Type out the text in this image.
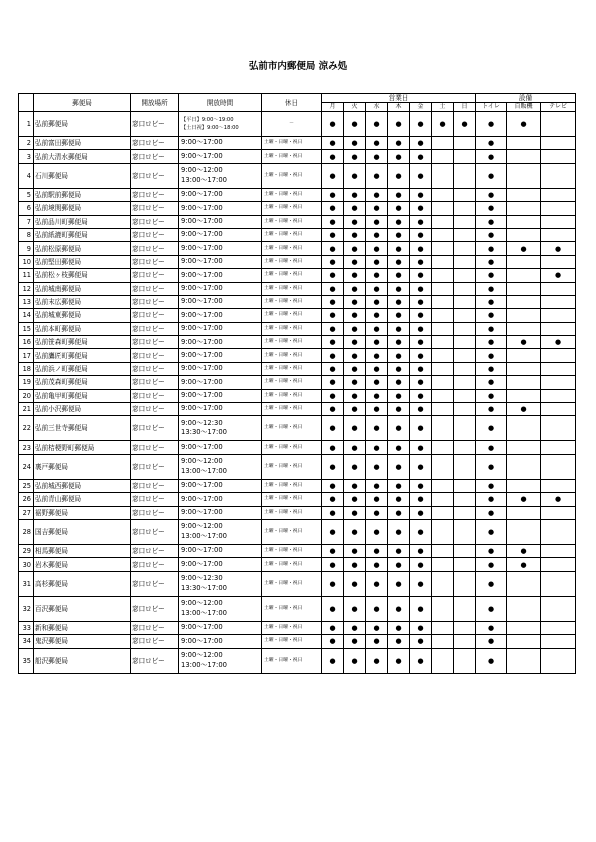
弘前市内郵便局 涼み処
	郵便局	開放場所	開放時間	休日	営業日							設備		
					月	火	水	木	金	土	日	トイレ	自販機	テレビ
1	弘前郵便局	窓口ロビー	【平日】9:00～19:00
【土日祝】9:00～18:00	－	●	●	●	●	●	●	●	●	●	
2	弘前富田郵便局	窓口ロビー	9:00～17:00	土曜・日曜・祝日	●	●	●	●	●			●		
3	弘前大清水郵便局	窓口ロビー	9:00～17:00	土曜・日曜・祝日	●	●	●	●	●			●		
4	石川郵便局	窓口ロビー	9:00～12:00
13:00～17:00	土曜・日曜・祝日	●	●	●	●	●			●		
5	弘前駅前郵便局	窓口ロビー	9:00～17:00	土曜・日曜・祝日	●	●	●	●	●			●		
6	弘前境関郵便局	窓口ロビー	9:00～17:00	土曜・日曜・祝日	●	●	●	●	●			●		
7	弘前品川町郵便局	窓口ロビー	9:00～17:00	土曜・日曜・祝日	●	●	●	●	●			●		
8	弘前紙漉町郵便局	窓口ロビー	9:00～17:00	土曜・日曜・祝日	●	●	●	●	●			●		
9	弘前松原郵便局	窓口ロビー	9:00～17:00	土曜・日曜・祝日	●	●	●	●	●			●	●	●
10	弘前堅田郵便局	窓口ロビー	9:00～17:00	土曜・日曜・祝日	●	●	●	●	●			●		
11	弘前松ヶ枝郵便局	窓口ロビー	9:00～17:00	土曜・日曜・祝日	●	●	●	●	●			●		●
12	弘前城南郵便局	窓口ロビー	9:00～17:00	土曜・日曜・祝日	●	●	●	●	●			●		
13	弘前末広郵便局	窓口ロビー	9:00～17:00	土曜・日曜・祝日	●	●	●	●	●			●		
14	弘前城東郵便局	窓口ロビー	9:00～17:00	土曜・日曜・祝日	●	●	●	●	●			●		
15	弘前本町郵便局	窓口ロビー	9:00～17:00	土曜・日曜・祝日	●	●	●	●	●			●		
16	弘前笹森町郵便局	窓口ロビー	9:00～17:00	土曜・日曜・祝日	●	●	●	●	●			●	●	●
17	弘前鷹匠町郵便局	窓口ロビー	9:00～17:00	土曜・日曜・祝日	●	●	●	●	●			●		
18	弘前浜ノ町郵便局	窓口ロビー	9:00～17:00	土曜・日曜・祝日	●	●	●	●	●			●		
19	弘前茂森町郵便局	窓口ロビー	9:00～17:00	土曜・日曜・祝日	●	●	●	●	●			●		
20	弘前亀甲町郵便局	窓口ロビー	9:00～17:00	土曜・日曜・祝日	●	●	●	●	●			●		
21	弘前小沢郵便局	窓口ロビー	9:00～17:00	土曜・日曜・祝日	●	●	●	●	●			●	●	
22	弘前三世寺郵便局	窓口ロビー	9:00～12:30
13:30～17:00	土曜・日曜・祝日	●	●	●	●	●			●		
23	弘前桔梗野町郵便局	窓口ロビー	9:00～17:00	土曜・日曜・祝日	●	●	●	●	●			●		
24	裏戸郵便局	窓口ロビー	9:00～12:00
13:00～17:00	土曜・日曜・祝日	●	●	●	●	●			●		
25	弘前城西郵便局	窓口ロビー	9:00～17:00	土曜・日曜・祝日	●	●	●	●	●			●		
26	弘前青山郵便局	窓口ロビー	9:00～17:00	土曜・日曜・祝日	●	●	●	●	●			●	●	●
27	裾野郵便局	窓口ロビー	9:00～17:00	土曜・日曜・祝日	●	●	●	●	●			●		
28	国吉郵便局	窓口ロビー	9:00～12:00
13:00～17:00	土曜・日曜・祝日	●	●	●	●	●			●		
29	相馬郵便局	窓口ロビー	9:00～17:00	土曜・日曜・祝日	●	●	●	●	●			●	●	
30	岩木郵便局	窓口ロビー	9:00～17:00	土曜・日曜・祝日	●	●	●	●	●			●	●	
31	高杉郵便局	窓口ロビー	9:00～12:30
13:30～17:00	土曜・日曜・祝日	●	●	●	●	●			●		
32	百沢郵便局	窓口ロビー	9:00～12:00
13:00～17:00	土曜・日曜・祝日	●	●	●	●	●			●		
33	新和郵便局	窓口ロビー	9:00～17:00	土曜・日曜・祝日	●	●	●	●	●			●		
34	鬼沢郵便局	窓口ロビー	9:00～17:00	土曜・日曜・祝日	●	●	●	●	●			●		
35	船沢郵便局	窓口ロビー	9:00～12:00
13:00～17:00	土曜・日曜・祝日	●	●	●	●	●			●		
